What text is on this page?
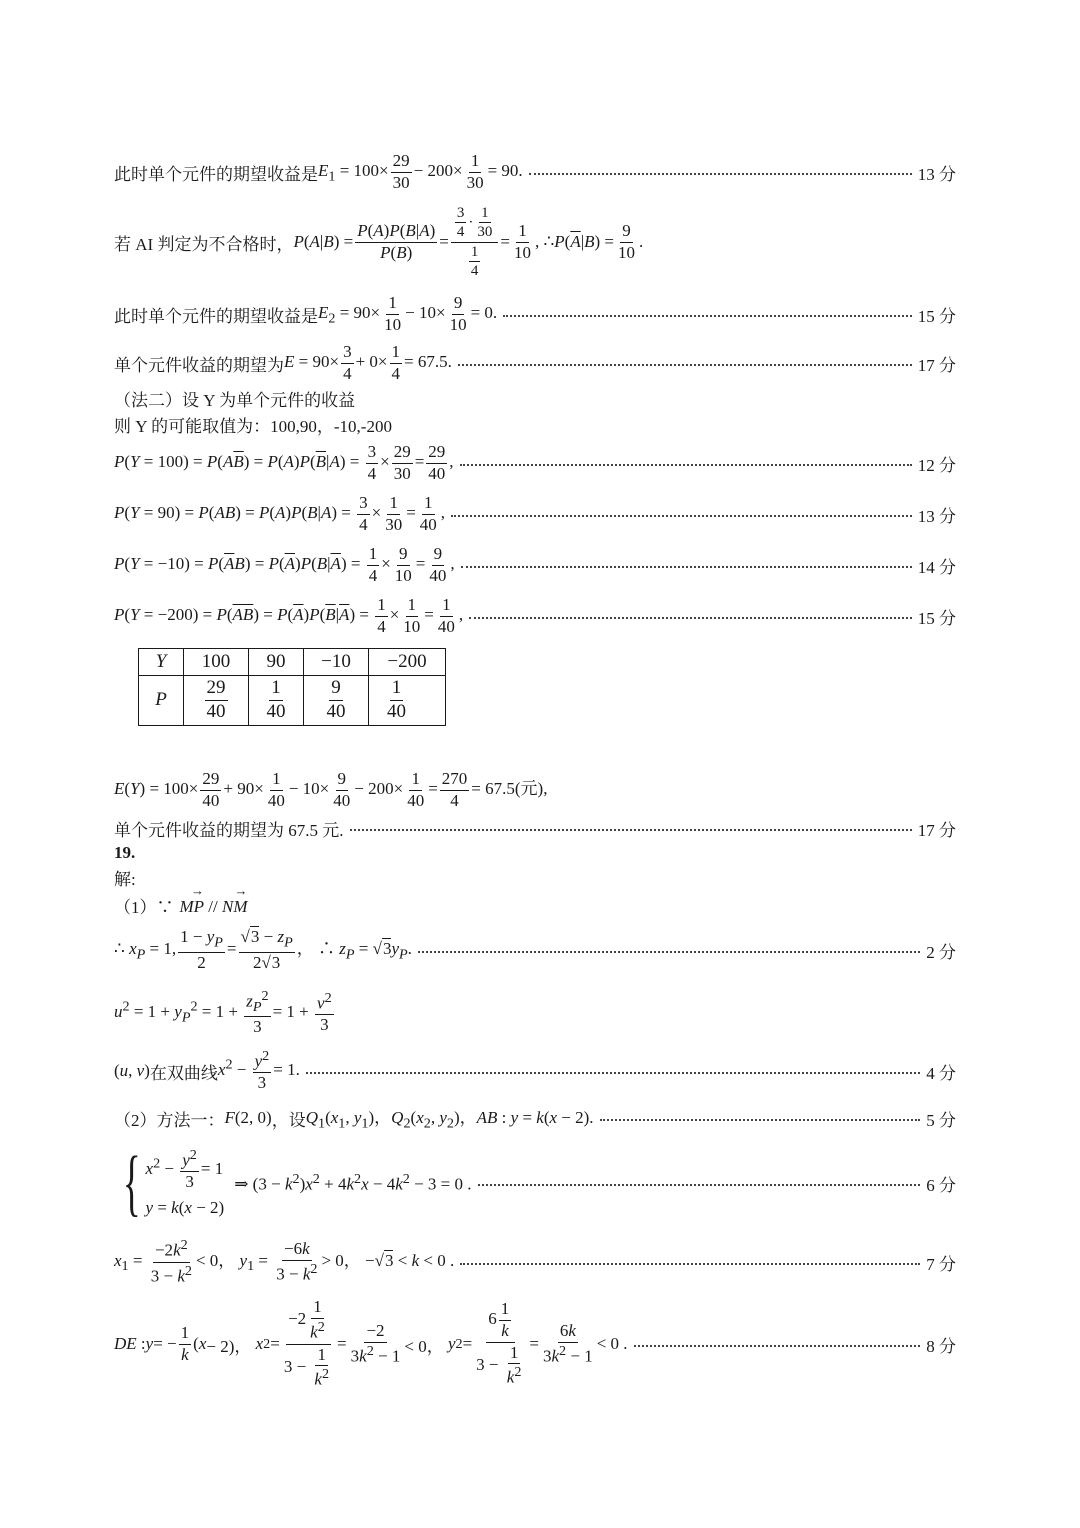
此时单个元件的期望收益是 $E_1 = 100\times \frac{29}{30} - 200\times \frac{1}{30} = 90$.	13 分
若 AI 判定为不合格时， P ( A | B ) = $\frac{P(A)P(B|A)}{P(B)} = \frac{\frac{3}{4} \cdot \frac{1}{30}}{\frac{1}{4}} = \frac{1}{10}$ , ∴ P ( $\overline{A}$ | B ) = $\frac{9}{10}$ .
此时单个元件的期望收益是 $E_2 = 90\times \frac{1}{10} - 10\times \frac{9}{10} = 0$.	15 分
单个元件收益的期望为 $E = 90\times \frac{3}{4} + 0\times \frac{1}{4} = 67.5$.	17 分
（法二）设 Y 为单个元件的收益
则 Y 的可能取值为：100,90，-10,-200
$P(Y = 100) = P(A\overline{B}) = P(A)P(\overline{B}|A) = \frac{3}{4} \times \frac{29}{30} = \frac{29}{40}$ ,	12 分
$P(Y = 90) = P(AB) = P(A)P(B|A) = \frac{3}{4} \times \frac{1}{30} = \frac{1}{40}$ ,	13 分
$P(Y = -10) = P(\overline{A}B) = P(\overline{A})P(B|\overline{A}) = \frac{1}{4} \times \frac{9}{10} = \frac{9}{40}$ ,	14 分
$P(Y = -200) = P(\overline{AB}) = P(\overline{A})P(\overline{B}|\overline{A}) = \frac{1}{4} \times \frac{1}{10} = \frac{1}{40}$ ,	15 分
Y	100	90	−10	−200
P	$\frac{29}{40}$	$\frac{1}{40}$	$\frac{9}{40}$	$\frac{1}{40}$
$E(Y) = 100\times \frac{29}{40} + 90\times \frac{1}{40} - 10\times \frac{9}{40} - 200\times \frac{1}{40} = \frac{270}{4} = 67.5$(元),
单个元件收益的期望为 67.5 元.	17 分
19.
解:
（1）∵ MP → // NM →
∴ $x_P = 1$, $\frac{1 - y_P}{2} = \frac{√3 - z_P}{2√3}$ ， ∴ $z_P = √3y_P$.	2 分
$u^2 = 1 + y_P^2 = 1 + \frac{z_P^2}{3} = 1 + \frac{v^2}{3}$
(u, v) 在双曲线 $x^2 - \frac{y^2}{3} = 1$.	4 分
（2）方法一： F(2, 0) ，设 $Q_1(x_1$, $y_1$)，$Q_2(x_2$, $y_2$)，AB : y = k(x − 2).	5 分
{ $x^2 - \frac{y^2}{3} = 1$
y = k(x − 2)
⇒ $(3 - k^2)x^2 + 4k^2x - 4k^2 - 3 = 0$ .	6 分
$x_1 = \frac{-2k^2}{3 - k^2} < 0$， $y_1 = \frac{-6k}{3 - k^2} > 0$， −√3 < k < 0 .	7 分
DE : y = − $\frac{1}{k}$ ( x − 2)， x $2 = \frac{-2 \frac{1}{k^2}}{3 - \frac{1}{k^2}} = \frac{-2}{3k^2 - 1} < 0$， y $2 = \frac{6 \frac{1}{k}}{3 - \frac{1}{k^2}} = \frac{6k}{3k^2 - 1} < 0$ .	8 分
